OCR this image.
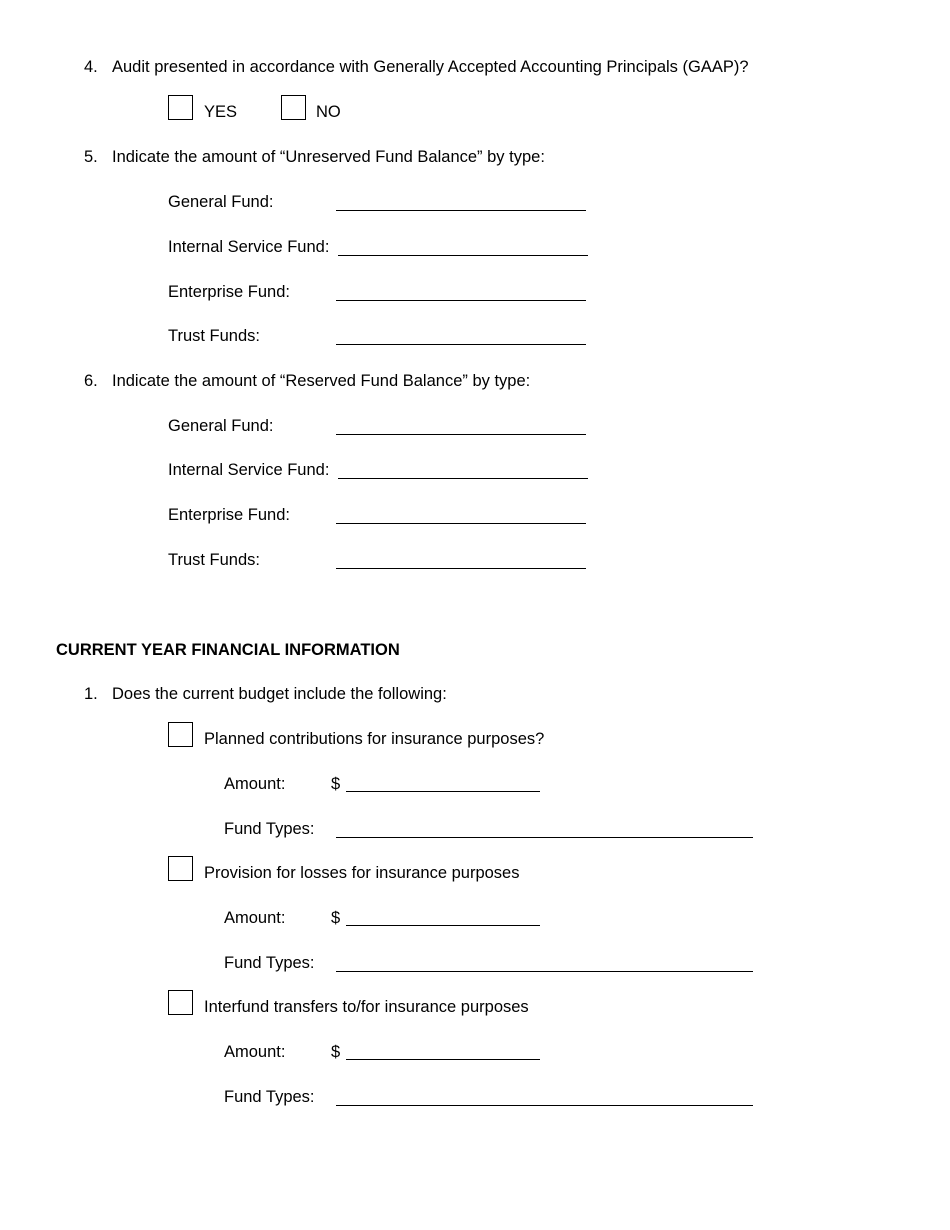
4. Audit presented in accordance with Generally Accepted Accounting Principals (GAAP)?
YES	NO
5. Indicate the amount of “Unreserved Fund Balance” by type:
General Fund:
Internal Service Fund:
Enterprise Fund:
Trust Funds:
6. Indicate the amount of “Reserved Fund Balance” by type:
General Fund:
Internal Service Fund:
Enterprise Fund:
Trust Funds:
CURRENT YEAR FINANCIAL INFORMATION
1. Does the current budget include the following:
Planned contributions for insurance purposes?
Amount:	$
Fund Types:
Provision for losses for insurance purposes
Amount:	$
Fund Types:
Interfund transfers to/for insurance purposes
Amount:	$
Fund Types:
